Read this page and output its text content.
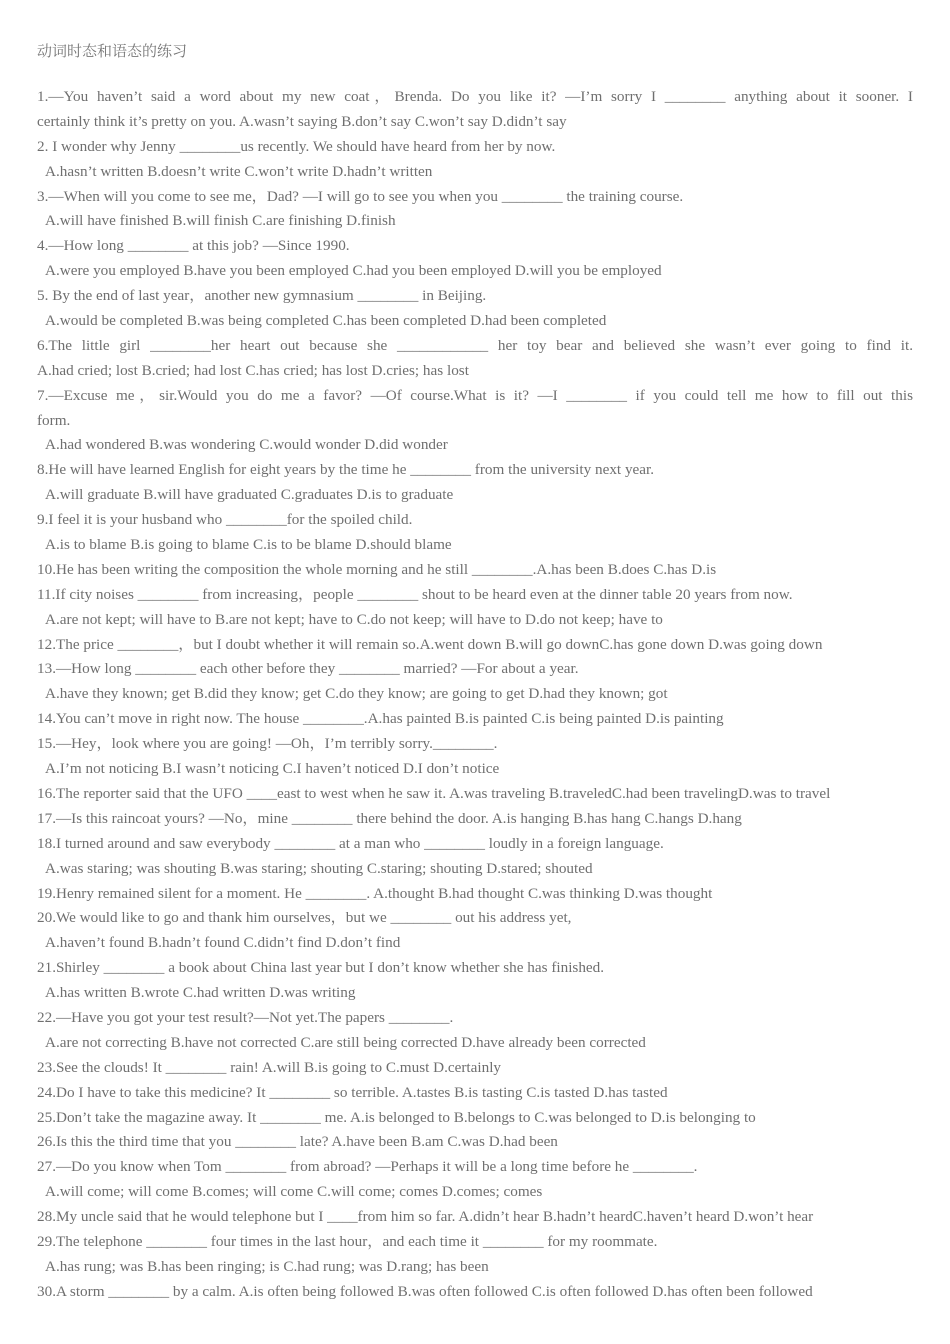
动词时态和语态的练习
1.—You haven’t said a word about my new coat，Brenda. Do you like it? —I’m sorry I ________ anything about it sooner. I
certainly think it’s pretty on you. A.wasn’t saying B.don’t say C.won’t say D.didn’t say
2. I wonder why Jenny ________us recently. We should have heard from her by now.
A.hasn’t written B.doesn’t write C.won’t write D.hadn’t written
3.—When will you come to see me，Dad? —I will go to see you when you ________ the training course.
A.will have finished B.will finish C.are finishing D.finish
4.—How long ________ at this job? —Since 1990.
A.were you employed B.have you been employed C.had you been employed D.will you be employed
5. By the end of last year，another new gymnasium ________ in Beijing.
A.would be completed B.was being completed C.has been completed D.had been completed
6.The little girl ________her heart out because she ____________ her toy bear and believed she wasn’t ever going to find it.
A.had cried; lost B.cried; had lost C.has cried; has lost D.cries; has lost
7.—Excuse me，sir.Would you do me a favor? —Of course.What is it? —I ________ if you could tell me how to fill out this
form.
A.had wondered B.was wondering C.would wonder D.did wonder
8.He will have learned English for eight years by the time he ________ from the university next year.
A.will graduate B.will have graduated C.graduates D.is to graduate
9.I feel it is your husband who ________for the spoiled child.
A.is to blame B.is going to blame C.is to be blame D.should blame
10.He has been writing the composition the whole morning and he still ________.A.has been B.does C.has D.is
11.If city noises ________ from increasing，people ________ shout to be heard even at the dinner table 20 years from now.
A.are not kept; will have to B.are not kept; have to C.do not keep; will have to D.do not keep; have to
12.The price ________，but I doubt whether it will remain so.A.went down B.will go downC.has gone down D.was going down
13.—How long ________ each other before they ________ married? —For about a year.
A.have they known; get B.did they know; get C.do they know; are going to get D.had they known; got
14.You can’t move in right now. The house ________.A.has painted B.is painted C.is being painted D.is painting
15.—Hey，look where you are going! —Oh，I’m terribly sorry.________.
A.I’m not noticing B.I wasn’t noticing C.I haven’t noticed D.I don’t notice
16.The reporter said that the UFO ____east to west when he saw it. A.was traveling B.traveledC.had been travelingD.was to travel
17.—Is this raincoat yours? —No，mine ________ there behind the door. A.is hanging B.has hang C.hangs D.hang
18.I turned around and saw everybody ________ at a man who ________ loudly in a foreign language.
A.was staring; was shouting B.was staring; shouting C.staring; shouting D.stared; shouted
19.Henry remained silent for a moment. He ________. A.thought B.had thought C.was thinking D.was thought
20.We would like to go and thank him ourselves，but we ________ out his address yet,
A.haven’t found B.hadn’t found C.didn’t find D.don’t find
21.Shirley ________ a book about China last year but I don’t know whether she has finished.
A.has written B.wrote C.had written D.was writing
22.—Have you got your test result?—Not yet.The papers ________.
A.are not correcting B.have not corrected C.are still being corrected D.have already been corrected
23.See the clouds! It ________ rain! A.will B.is going to C.must D.certainly
24.Do I have to take this medicine? It ________ so terrible. A.tastes B.is tasting C.is tasted D.has tasted
25.Don’t take the magazine away. It ________ me. A.is belonged to B.belongs to C.was belonged to D.is belonging to
26.Is this the third time that you ________ late? A.have been B.am C.was D.had been
27.—Do you know when Tom ________ from abroad? —Perhaps it will be a long time before he ________.
A.will come; will come B.comes; will come C.will come; comes D.comes; comes
28.My uncle said that he would telephone but I ____from him so far. A.didn’t hear B.hadn’t heardC.haven’t heard D.won’t hear
29.The telephone ________ four times in the last hour，and each time it ________ for my roommate.
A.has rung; was B.has been ringing; is C.had rung; was D.rang; has been
30.A storm ________ by a calm. A.is often being followed B.was often followed C.is often followed D.has often been followed
